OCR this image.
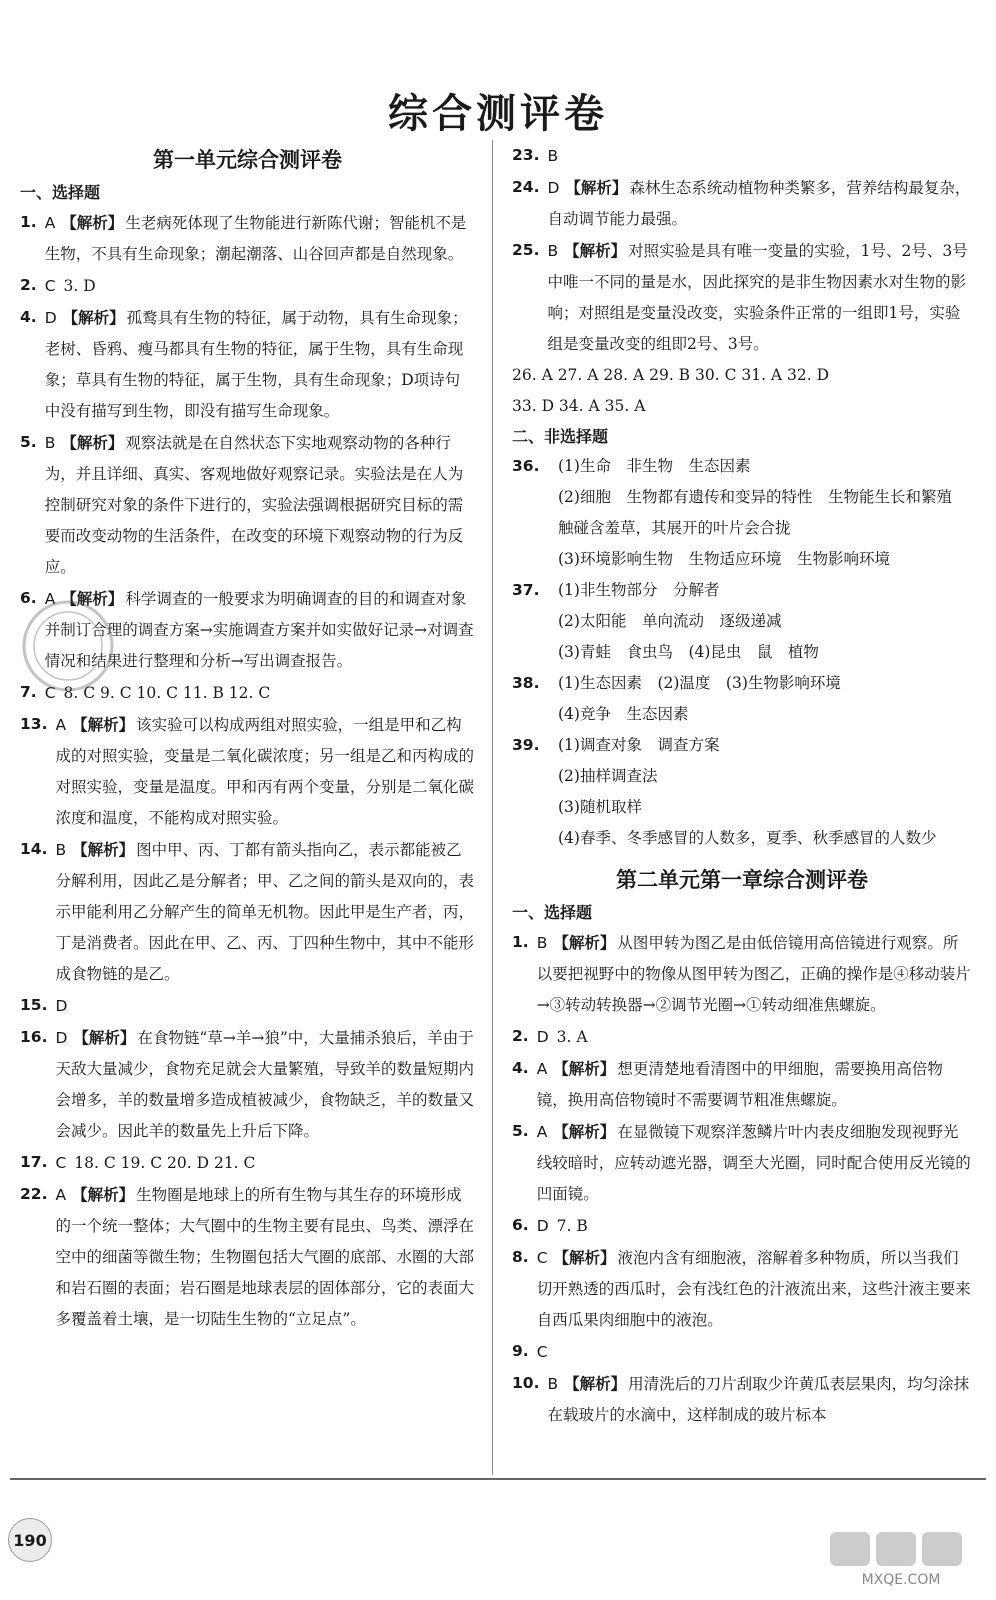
综合测评卷
第一单元综合测评卷
一、选择题
1. A 【解析】 生老病死体现了生物能进行新陈代谢；智能机不是生物，不具有生命现象；潮起潮落、山谷回声都是自然现象。
2. C 3. D
4. D 【解析】 孤鹜具有生物的特征，属于动物，具有生命现象；老树、昏鸦、瘦马都具有生物的特征，属于生物，具有生命现象；草具有生物的特征，属于生物，具有生命现象；D项诗句中没有描写到生物，即没有描写生命现象。
5. B 【解析】 观察法就是在自然状态下实地观察动物的各种行为，并且详细、真实、客观地做好观察记录。实验法是在人为控制研究对象的条件下进行的，实验法强调根据研究目标的需要而改变动物的生活条件，在改变的环境下观察动物的行为反应。
6. A 【解析】 科学调查的一般要求为明确调查的目的和调查对象并制订合理的调查方案→实施调查方案并如实做好记录→对调查情况和结果进行整理和分析→写出调查报告。
7. C 8. C 9. C 10. C 11. B 12. C
13. A 【解析】 该实验可以构成两组对照实验，一组是甲和乙构成的对照实验，变量是二氧化碳浓度；另一组是乙和丙构成的对照实验，变量是温度。甲和丙有两个变量，分别是二氧化碳浓度和温度，不能构成对照实验。
14. B 【解析】 图中甲、丙、丁都有箭头指向乙，表示都能被乙分解利用，因此乙是分解者；甲、乙之间的箭头是双向的，表示甲能利用乙分解产生的简单无机物。因此甲是生产者，丙，丁是消费者。因此在甲、乙、丙、丁四种生物中，其中不能形成食物链的是乙。
15. D
16. D 【解析】 在食物链“草→羊→狼”中，大量捕杀狼后，羊由于天敌大量减少，食物充足就会大量繁殖，导致羊的数量短期内会增多，羊的数量增多造成植被减少，食物缺乏，羊的数量又会减少。因此羊的数量先上升后下降。
17. C 18. C 19. C 20. D 21. C
22. A 【解析】 生物圈是地球上的所有生物与其生存的环境形成的一个统一整体；大气圈中的生物主要有昆虫、鸟类、漂浮在空中的细菌等微生物；生物圈包括大气圈的底部、水圈的大部和岩石圈的表面；岩石圈是地球表层的固体部分，它的表面大多覆盖着土壤，是一切陆生生物的“立足点”。
23. B
24. D 【解析】 森林生态系统动植物种类繁多，营养结构最复杂，自动调节能力最强。
25. B 【解析】 对照实验是具有唯一变量的实验，1号、2号、3号中唯一不同的量是水，因此探究的是非生物因素水对生物的影响；对照组是变量没改变，实验条件正常的一组即1号，实验组是变量改变的组即2号、3号。
26. A 27. A 28. A 29. B 30. C 31. A 32. D
33. D 34. A 35. A
二、非选择题
36.	(1)生命　非生物　生态因素
(2)细胞　生物都有遗传和变异的特性　生物能生长和繁殖　触碰含羞草，其展开的叶片会合拢
(3)环境影响生物　生物适应环境　生物影响环境
37.	(1)非生物部分　分解者
(2)太阳能　单向流动　逐级递减
(3)青蛙　食虫鸟　(4)昆虫　鼠　植物
38.	(1)生态因素　(2)温度　(3)生物影响环境
(4)竞争　生态因素
39.	(1)调查对象　调查方案
(2)抽样调查法
(3)随机取样
(4)春季、冬季感冒的人数多，夏季、秋季感冒的人数少
第二单元第一章综合测评卷
一、选择题
1. B 【解析】 从图甲转为图乙是由低倍镜用高倍镜进行观察。所以要把视野中的物像从图甲转为图乙，正确的操作是④移动装片→③转动转换器→②调节光圈→①转动细准焦螺旋。
2. D 3. A
4. A 【解析】 想更清楚地看清图中的甲细胞，需要换用高倍物镜，换用高倍物镜时不需要调节粗准焦螺旋。
5. A 【解析】 在显微镜下观察洋葱鳞片叶内表皮细胞发现视野光线较暗时，应转动遮光器，调至大光圈，同时配合使用反光镜的凹面镜。
6. D 7. B
8. C 【解析】 液泡内含有细胞液，溶解着多种物质，所以当我们切开熟透的西瓜时，会有浅红色的汁液流出来，这些汁液主要来自西瓜果肉细胞中的液泡。
9. C
10. B 【解析】 用清洗后的刀片刮取少许黄瓜表层果肉，均匀涂抹在载玻片的水滴中，这样制成的玻片标本
190
MXQE.COM
